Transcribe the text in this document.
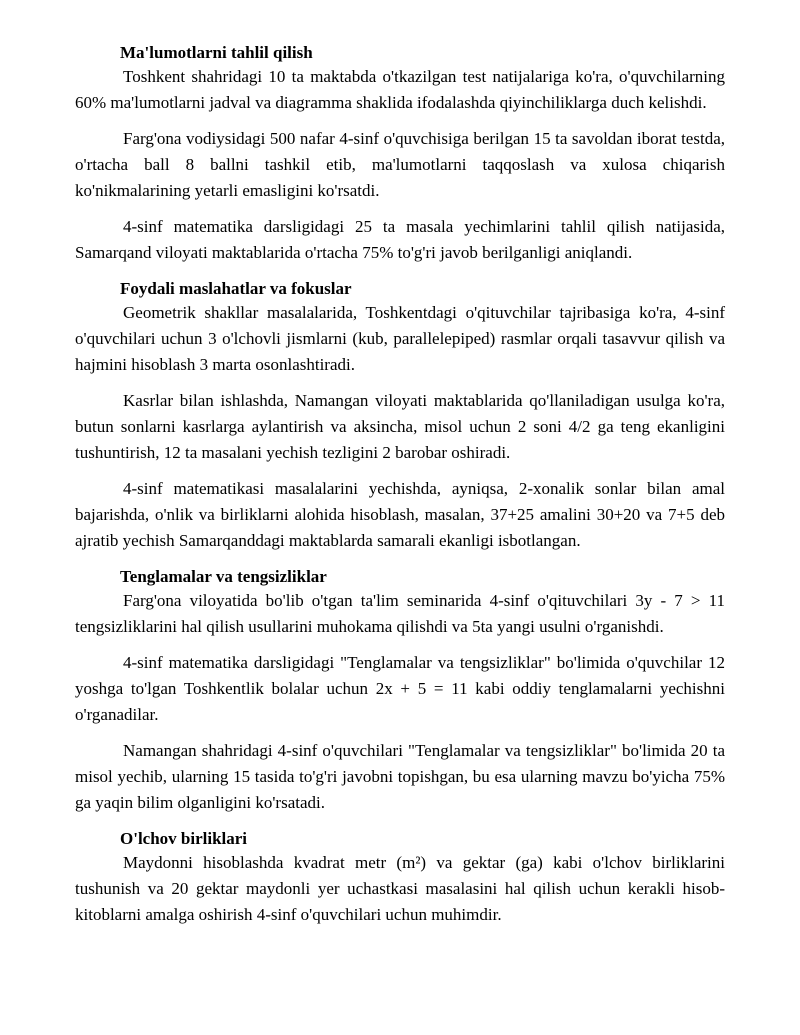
Ma'lumotlarni tahlil qilish

Toshkent shahridagi 10 ta maktabda o'tkazilgan test natijalariga ko'ra, o'quvchilarning 60% ma'lumotlarni jadval va diagramma shaklida ifodalashda qiyinchiliklarga duch kelishdi.

Farg'ona vodiysidagi 500 nafar 4-sinf o'quvchisiga berilgan 15 ta savoldan iborat testda, o'rtacha ball 8 ballni tashkil etib, ma'lumotlarni taqqoslash va xulosa chiqarish ko'nikmalarining yetarli emasligini ko'rsatdi.

4-sinf matematika darsligidagi 25 ta masala yechimlarini tahlil qilish natijasida, Samarqand viloyati maktablarida o'rtacha 75% to'g'ri javob berilganligi aniqlandi.

Foydali maslahatlar va fokuslar

Geometrik shakllar masalalarida, Toshkentdagi o'qituvchilar tajribasiga ko'ra, 4-sinf o'quvchilari uchun 3 o'lchovli jismlarni (kub, parallelepiped) rasmlar orqali tasavvur qilish va hajmini hisoblash 3 marta osonlashtiradi.

Kasrlar bilan ishlashda, Namangan viloyati maktablarida qo'llaniladigan usulga ko'ra, butun sonlarni kasrlarga aylantirish va aksincha, misol uchun 2 soni 4/2 ga teng ekanligini tushuntirish, 12 ta masalani yechish tezligini 2 barobar oshiradi.

4-sinf matematikasi masalalarini yechishda, ayniqsa, 2-xonalik sonlar bilan amal bajarishda, o'nlik va birliklarni alohida hisoblash, masalan, 37+25 amalini 30+20 va 7+5 deb ajratib yechish Samarqanddagi maktablarda samarali ekanligi isbotlangan.

Tenglamalar va tengsizliklar

Farg'ona viloyatida bo'lib o'tgan ta'lim seminarida 4-sinf o'qituvchilari 3y - 7 > 11 tengsizliklarini hal qilish usullarini muhokama qilishdi va 5ta yangi usulni o'rganishdi.

4-sinf matematika darsligidagi "Tenglamalar va tengsizliklar" bo'limida o'quvchilar 12 yoshga to'lgan Toshkentlik bolalar uchun 2x + 5 = 11 kabi oddiy tenglamalarni yechishni o'rganadilar.

Namangan shahridagi 4-sinf o'quvchilari "Tenglamalar va tengsizliklar" bo'limida 20 ta misol yechib, ularning 15 tasida to'g'ri javobni topishgan, bu esa ularning mavzu bo'yicha 75% ga yaqin bilim olganligini ko'rsatadi.

O'lchov birliklari

Maydonni hisoblashda kvadrat metr (m²) va gektar (ga) kabi o'lchov birliklarini tushunish va 20 gektar maydonli yer uchastkasi masalasini hal qilish uchun kerakli hisob-kitoblarni amalga oshirish 4-sinf o'quvchilari uchun muhimdir.
